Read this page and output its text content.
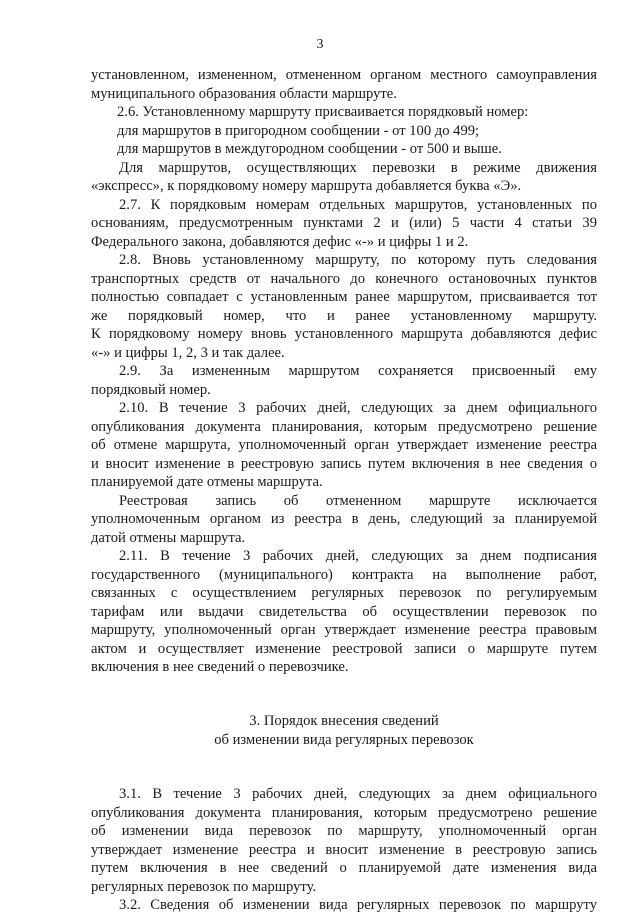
3
установленном, измененном, отмененном органом местного самоуправления
муниципального образования области маршруте.
2.6. Установленному маршруту присваивается порядковый номер:
для маршрутов в пригородном сообщении - от 100 до 499;
для маршрутов в междугородном сообщении - от 500 и выше.
Для маршрутов, осуществляющих перевозки в режиме движения
«экспресс», к порядковому номеру маршрута добавляется буква «Э».
2.7. К порядковым номерам отдельных маршрутов, установленных по
основаниям, предусмотренным пунктами 2 и (или) 5 части 4 статьи 39
Федерального закона, добавляются дефис «-» и цифры 1 и 2.
2.8. Вновь установленному маршруту, по которому путь следования
транспортных средств от начального до конечного остановочных пунктов
полностью совпадает с установленным ранее маршрутом, присваивается тот
же порядковый номер, что и ранее установленному маршруту.
К порядковому номеру вновь установленного маршрута добавляются дефис
«-» и цифры 1, 2, 3 и так далее.
2.9. За измененным маршрутом сохраняется присвоенный ему
порядковый номер.
2.10. В течение 3 рабочих дней, следующих за днем официального
опубликования документа планирования, которым предусмотрено решение
об отмене маршрута, уполномоченный орган утверждает изменение реестра
и вносит изменение в реестровую запись путем включения в нее сведения о
планируемой дате отмены маршрута.
Реестровая запись об отмененном маршруте исключается
уполномоченным органом из реестра в день, следующий за планируемой
датой отмены маршрута.
2.11. В течение 3 рабочих дней, следующих за днем подписания
государственного (муниципального) контракта на выполнение работ,
связанных с осуществлением регулярных перевозок по регулируемым
тарифам или выдачи свидетельства об осуществлении перевозок по
маршруту, уполномоченный орган утверждает изменение реестра правовым
актом и осуществляет изменение реестровой записи о маршруте путем
включения в нее сведений о перевозчике.
3. Порядок внесения сведений
об изменении вида регулярных перевозок
3.1. В течение 3 рабочих дней, следующих за днем официального
опубликования документа планирования, которым предусмотрено решение
об изменении вида перевозок по маршруту, уполномоченный орган
утверждает изменение реестра и вносит изменение в реестровую запись
путем включения в нее сведений о планируемой дате изменения вида
регулярных перевозок по маршруту.
3.2. Сведения об изменении вида регулярных перевозок по маршруту
